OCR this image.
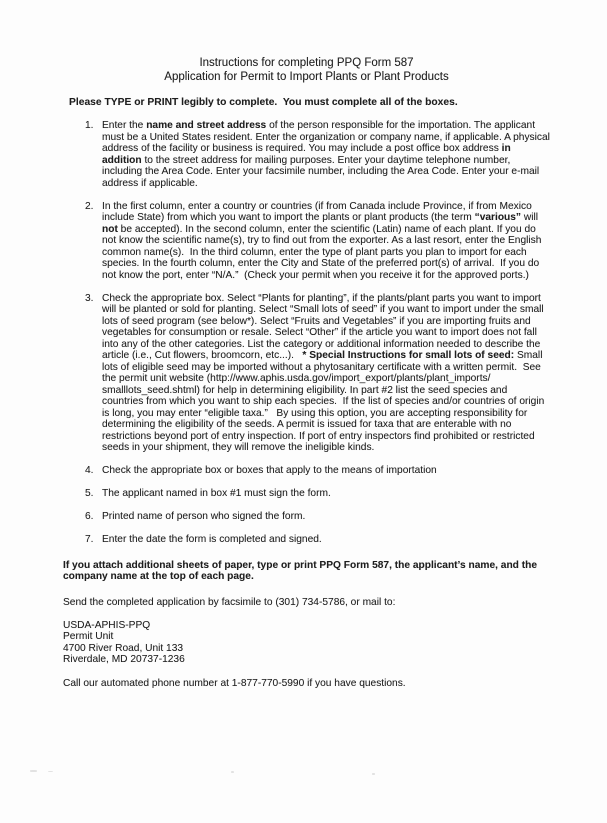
Instructions for completing PPQ Form 587
Application for Permit to Import Plants or Plant Products
Please TYPE or PRINT legibly to complete.  You must complete all of the boxes.
1. Enter the name and street address of the person responsible for the importation. The applicant must be a United States resident. Enter the organization or company name, if applicable. A physical address of the facility or business is required. You may include a post office box address in addition to the street address for mailing purposes. Enter your daytime telephone number, including the Area Code. Enter your facsimile number, including the Area Code. Enter your e-mail address if applicable.
2. In the first column, enter a country or countries (if from Canada include Province, if from Mexico include State) from which you want to import the plants or plant products (the term “various” will not be accepted). In the second column, enter the scientific (Latin) name of each plant. If you do not know the scientific name(s), try to find out from the exporter. As a last resort, enter the English common name(s).  In the third column, enter the type of plant parts you plan to import for each species. In the fourth column, enter the City and State of the preferred port(s) of arrival.  If you do not know the port, enter “N/A.”  (Check your permit when you receive it for the approved ports.)
3. Check the appropriate box. Select “Plants for planting”, if the plants/plant parts you want to import will be planted or sold for planting. Select “Small lots of seed” if you want to import under the small lots of seed program (see below*). Select “Fruits and Vegetables” if you are importing fruits and vegetables for consumption or resale. Select “Other” if the article you want to import does not fall into any of the other categories. List the category or additional information needed to describe the article (i.e., Cut flowers, broomcorn, etc...).   * Special Instructions for small lots of seed: Small lots of eligible seed may be imported without a phytosanitary certificate with a written permit.  See the permit unit website (http://www.aphis.usda.gov/import_export/plants/plant_imports/ smalllots_seed.shtml) for help in determining eligibility. In part #2 list the seed species and countries from which you want to ship each species.  If the list of species and/or countries of origin is long, you may enter “eligible taxa.”   By using this option, you are accepting responsibility for determining the eligibility of the seeds. A permit is issued for taxa that are enterable with no restrictions beyond port of entry inspection. If port of entry inspectors find prohibited or restricted seeds in your shipment, they will remove the ineligible kinds.
4. Check the appropriate box or boxes that apply to the means of importation
5. The applicant named in box #1 must sign the form.
6. Printed name of person who signed the form.
7. Enter the date the form is completed and signed.
If you attach additional sheets of paper, type or print PPQ Form 587, the applicant’s name, and the company name at the top of each page.
Send the completed application by facsimile to (301) 734-5786, or mail to:
USDA-APHIS-PPQ
Permit Unit
4700 River Road, Unit 133
Riverdale, MD 20737-1236
Call our automated phone number at 1-877-770-5990 if you have questions.
